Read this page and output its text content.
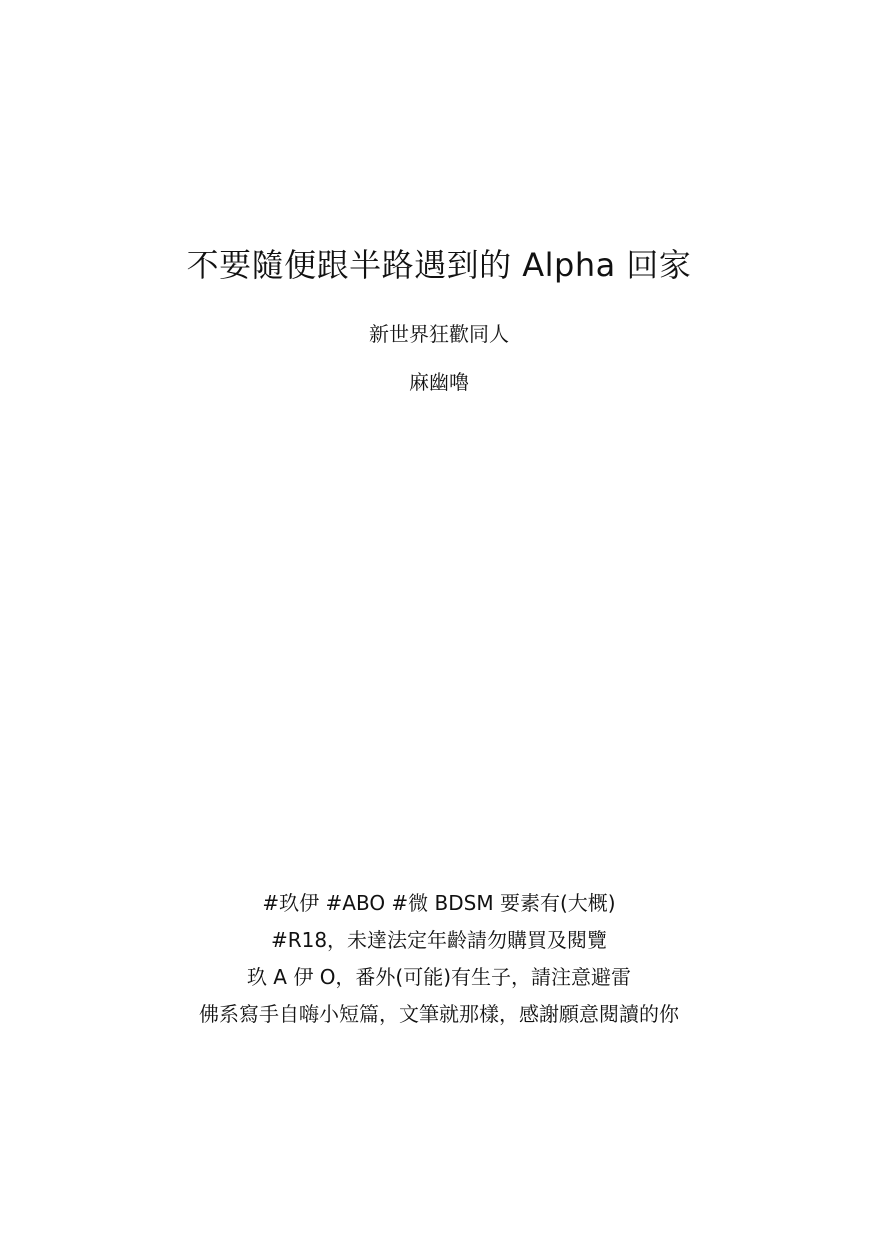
不要隨便跟半路遇到的 Alpha 回家

新世界狂歡同人

麻幽嚕

#玖伊 #ABO #微 BDSM 要素有(大概)
#R18，未達法定年齡請勿購買及閱覽
玖 A 伊 O，番外(可能)有生子，請注意避雷
佛系寫手自嗨小短篇，文筆就那樣，感謝願意閱讀的你
